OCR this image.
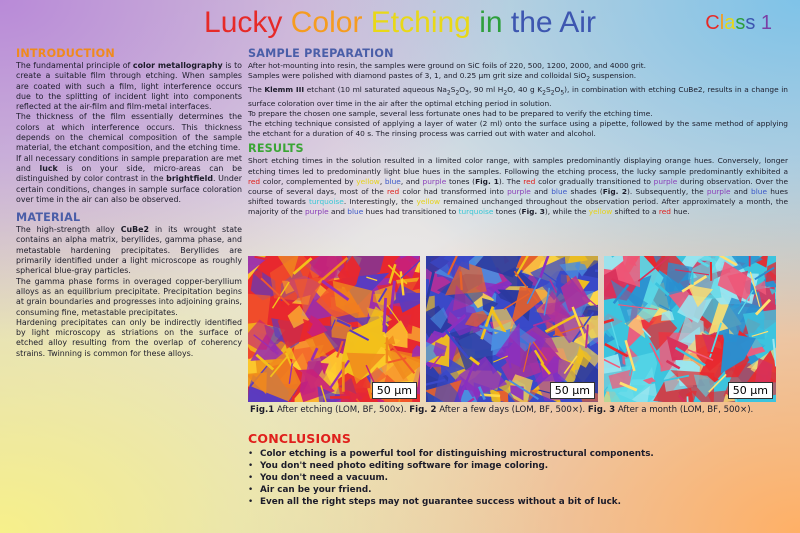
Lucky Color Etching in the Air	Class 1
INTRODUCTION

The fundamental principle of color metallography is to create a suitable film through etching. When samples are coated with such a film, light interference occurs due to the splitting of incident light into components reflected at the air-film and film-metal interfaces.

The thickness of the film essentially determines the colors at which interference occurs. This thickness depends on the chemical composition of the sample material, the etchant composition, and the etching time.

If all necessary conditions in sample preparation are met and luck is on your side, micro-areas can be distinguished by color contrast in the brightfield. Under certain conditions, changes in sample surface coloration over time in the air can also be observed.

MATERIAL

The high-strength alloy CuBe2 in its wrought state contains an alpha matrix, beryllides, gamma phase, and metastable hardening precipitates. Beryllides are primarily identified under a light microscope as roughly spherical blue-gray particles.

The gamma phase forms in overaged copper-beryllium alloys as an equilibrium precipitate. Precipitation begins at grain boundaries and progresses into adjoining grains, consuming fine, metastable precipitates.

Hardening precipitates can only be indirectly identified by light microscopy as striations on the surface of etched alloy resulting from the overlap of coherency strains. Twinning is common for these alloys.

SAMPLE PREPARATION

After hot-mounting into resin, the samples were ground on SiC foils of 220, 500, 1200, 2000, and 4000 grit.

Samples were polished with diamond pastes of 3, 1, and 0.25 µm grit size and colloidal SiO$_2$ suspension.

The Klemm III etchant (10 ml saturated aqueous $Na_2S_2O_3$, 90 ml $H_2O$, 40 g $K_2S_2O_5$), in combination with etching CuBe2, results in a change in surface coloration over time in the air after the optimal etching period in solution.

To prepare the chosen one sample, several less fortunate ones had to be prepared to verify the etching time.

The etching technique consisted of applying a layer of water (2 ml) onto the surface using a pipette, followed by the same method of applying the etchant for a duration of 40 s. The rinsing process was carried out with water and alcohol.

RESULTS

Short etching times in the solution resulted in a limited color range, with samples predominantly displaying orange hues. Conversely, longer etching times led to predominantly light blue hues in the samples. Following the etching process, the lucky sample predominantly exhibited a red color, complemented by yellow, blue, and purple tones (Fig. 1). The red color gradually transitioned to purple during observation. Over the course of several days, most of the red color had transformed into purple and blue shades (Fig. 2). Subsequently, the purple and blue hues shifted towards turquoise. Interestingly, the yellow remained unchanged throughout the observation period. After approximately a month, the majority of the purple and blue hues had transitioned to turquoise tones (Fig. 3), while the yellow shifted to a red hue.

50 µm	50 µm	50 µm
Fig.1 After etching (LOM, BF, 500x). Fig. 2 After a few days (LOM, BF, 500×). Fig. 3 After a month (LOM, BF, 500×).
CONCLUSIONS
• Color etching is a powerful tool for distinguishing microstructural components.
• You don't need photo editing software for image coloring.
• You don't need a vacuum.
• Air can be your friend.
• Even all the right steps may not guarantee success without a bit of luck.
